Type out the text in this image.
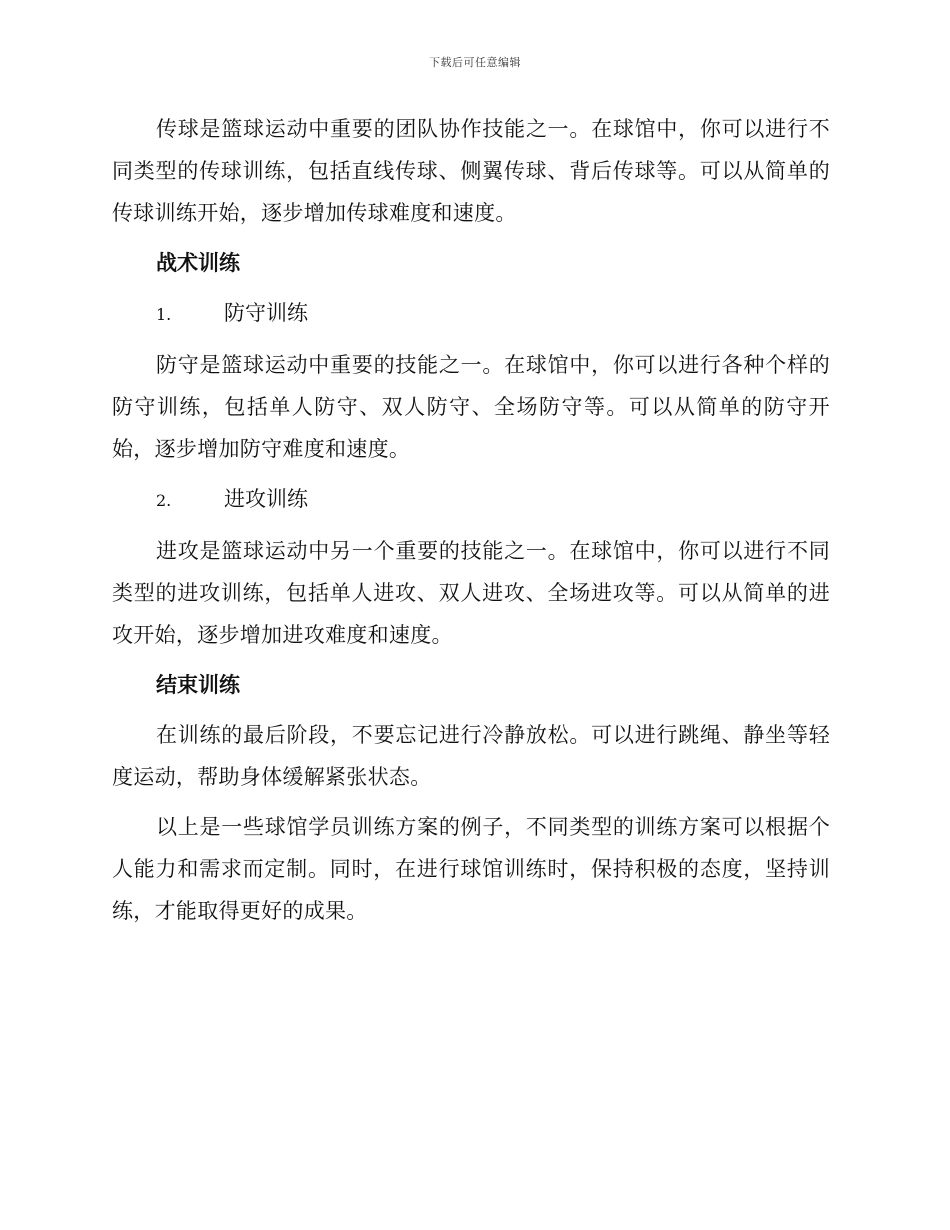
下载后可任意编辑

传球是篮球运动中重要的团队协作技能之一。在球馆中，你可以进行不同类型的传球训练，包括直线传球、侧翼传球、背后传球等。可以从简单的传球训练开始，逐步增加传球难度和速度。

战术训练
1.	防守训练

防守是篮球运动中重要的技能之一。在球馆中，你可以进行各种个样的防守训练，包括单人防守、双人防守、全场防守等。可以从简单的防守开始，逐步增加防守难度和速度。

2.	进攻训练

进攻是篮球运动中另一个重要的技能之一。在球馆中，你可以进行不同类型的进攻训练，包括单人进攻、双人进攻、全场进攻等。可以从简单的进攻开始，逐步增加进攻难度和速度。

结束训练

在训练的最后阶段，不要忘记进行冷静放松。可以进行跳绳、静坐等轻度运动，帮助身体缓解紧张状态。

以上是一些球馆学员训练方案的例子，不同类型的训练方案可以根据个人能力和需求而定制。同时，在进行球馆训练时，保持积极的态度，坚持训练，才能取得更好的成果。
